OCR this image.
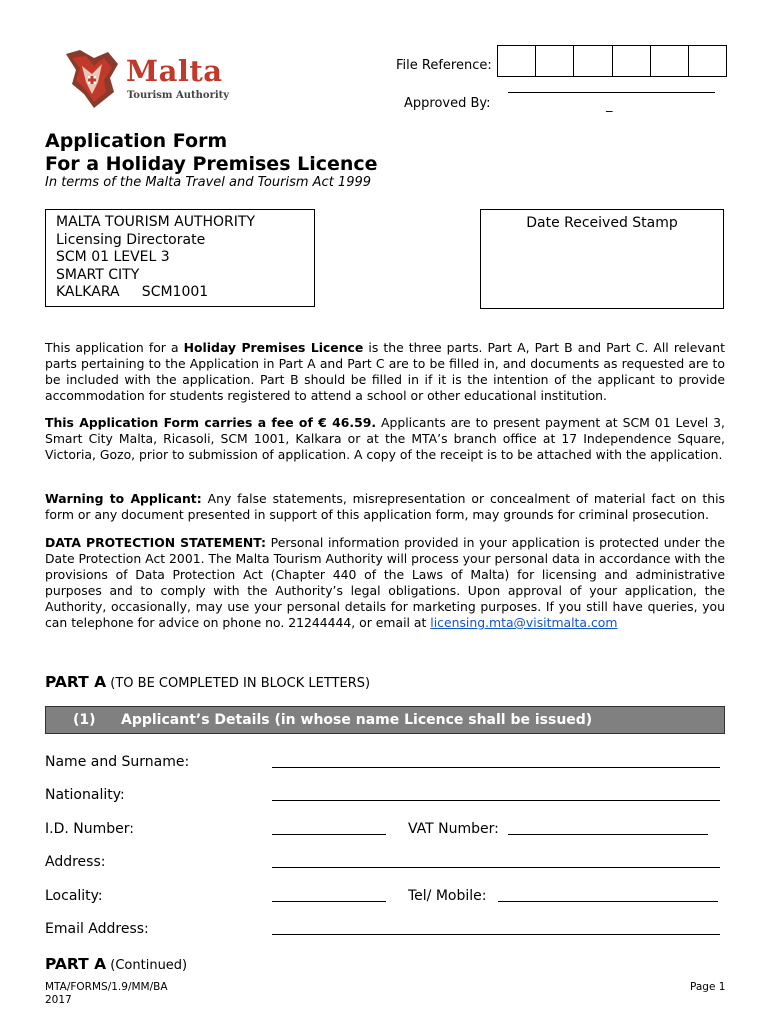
Malta
Tourism Authority
File Reference:
Approved By:	_
Application Form
For a Holiday Premises Licence
In terms of the Malta Travel and Tourism Act 1999
MALTA TOURISM AUTHORITY
Licensing Directorate
SCM 01 LEVEL 3
SMART CITY
KALKARA     SCM1001
Date Received Stamp
This application for a Holiday Premises Licence is the three parts. Part A, Part B and Part C. All relevant parts pertaining to the Application in Part A and Part C are to be filled in, and documents as requested are to be included with the application. Part B should be filled in if it is the intention of the applicant to provide accommodation for students registered to attend a school or other educational institution.
This Application Form carries a fee of € 46.59. Applicants are to present payment at SCM 01 Level 3, Smart City Malta, Ricasoli, SCM 1001, Kalkara or at the MTA’s branch office at 17 Independence Square, Victoria, Gozo, prior to submission of application. A copy of the receipt is to be attached with the application.
Warning to Applicant: Any false statements, misrepresentation or concealment of material fact on this form or any document presented in support of this application form, may grounds for criminal prosecution.
DATA PROTECTION STATEMENT: Personal information provided in your application is protected under the Date Protection Act 2001. The Malta Tourism Authority will process your personal data in accordance with the provisions of Data Protection Act (Chapter 440 of the Laws of Malta) for licensing and administrative purposes and to comply with the Authority’s legal obligations. Upon approval of your application, the Authority, occasionally, may use your personal details for marketing purposes. If you still have queries, you can telephone for advice on phone no. 21244444, or email at licensing.mta@visitmalta.com
PART A (TO BE COMPLETED IN BLOCK LETTERS)
(1) Applicant’s Details (in whose name Licence shall be issued)
Name and Surname:
Nationality:
I.D. Number:	VAT Number:
Address:
Locality:	Tel/ Mobile:
Email Address:
PART A (Continued)
MTA/FORMS/1.9/MM/BA
2017
Page 1
